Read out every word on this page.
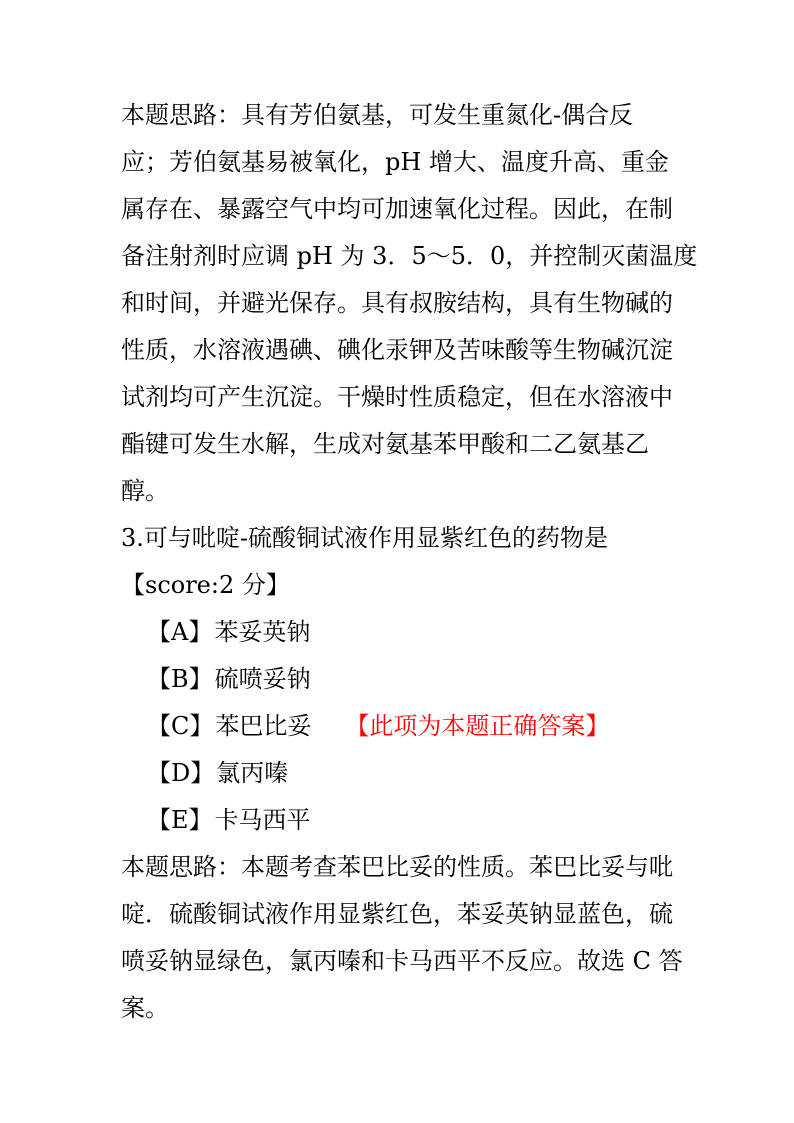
本题思路：具有芳伯氨基，可发生重氮化-偶合反
应；芳伯氨基易被氧化，pH 增大、温度升高、重金
属存在、暴露空气中均可加速氧化过程。因此，在制
备注射剂时应调 pH 为 3．5～5．0，并控制灭菌温度
和时间，并避光保存。具有叔胺结构，具有生物碱的
性质，水溶液遇碘、碘化汞钾及苦味酸等生物碱沉淀
试剂均可产生沉淀。干燥时性质稳定，但在水溶液中
酯键可发生水解，生成对氨基苯甲酸和二乙氨基乙
醇。

3.可与吡啶-硫酸铜试液作用显紫红色的药物是

【score:2 分】

【A】苯妥英钠

【B】硫喷妥钠

【C】苯巴比妥 【此项为本题正确答案】

【D】氯丙嗪

【E】卡马西平

本题思路：本题考查苯巴比妥的性质。苯巴比妥与吡
啶．硫酸铜试液作用显紫红色，苯妥英钠显蓝色，硫
喷妥钠显绿色，氯丙嗪和卡马西平不反应。故选 C 答
案。
